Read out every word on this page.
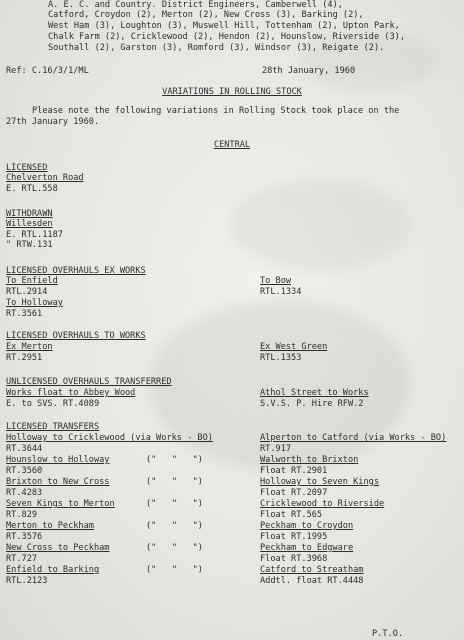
A. E. C. and Country. District Engineers, Camberwell (4),
Catford, Croydon (2), Merton (2), New Cross (3), Barking (2),
West Ham (3), Loughton (3), Muswell Hill, Tottenham (2), Upton Park,
Chalk Farm (2), Cricklewood (2), Hendon (2), Hounslow, Riverside (3),
Southall (2), Garston (3), Romford (3), Windsor (3), Reigate (2).
Ref: C.16/3/1/ML	28th January, 1960
VARIATIONS IN ROLLING STOCK
Please note the following variations in Rolling Stock took place on the
27th January 1960.
CENTRAL
LICENSED
Chelverton Road
E. RTL.558
WITHDRAWN
Willesden
E. RTL.1187
" RTW.131
LICENSED OVERHAULS EX WORKS
To Enfield
RTL.2914
To Holloway
RT.3561
To Bow
RTL.1334
LICENSED OVERHAULS TO WORKS
Ex Merton
RT.2951
Ex West Green
RTL.1353
UNLICENSED OVERHAULS TRANSFERRED
Works float to Abbey Wood
E. to SVS. RT.4089
Athol Street to Works
S.V.S. P. Hire RFW.2
LICENSED TRANSFERS
Holloway to Cricklewood (via Works - BO)
RT.3644
Hounslow to Holloway
RT.3560
Brixton to New Cross
RT.4283
Seven Kings to Merton
RT.829
Merton to Peckham
RT.3576
New Cross to Peckham
RT.727
Enfield to Barking
RTL.2123
("   "   ")
("   "   ")
("   "   ")
("   "   ")
("   "   ")
("   "   ")
Alperton to Catford (via Works - BO)
RT.917
Walworth to Brixton
Float RT.2901
Holloway to Seven Kings
Float RT.2097
Cricklewood to Riverside
Float RT.565
Peckham to Croydon
Float RT.1995
Peckham to Edgware
Float RT.3968
Catford to Streatham
Addtl. float RT.4448
P.T.O.
